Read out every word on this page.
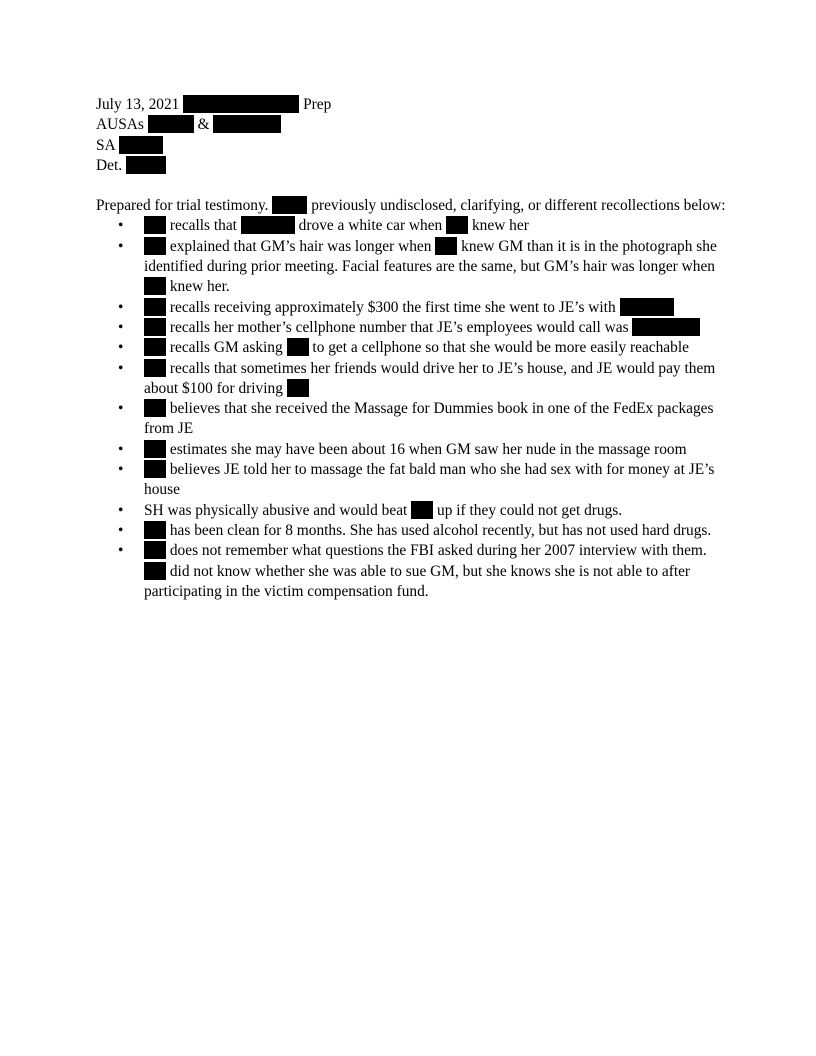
July 13, 2021	Prep
AUSAs	&
SA
Det.
Prepared for trial testimony.	previously undisclosed, clarifying, or different recollections below:
• recalls that	drove a white car when knew her
• explained that GM’s hair was longer when knew GM than it is in the photograph she identified during prior meeting. Facial features are the same, but GM’s hair was longer when  knew her.
• recalls receiving approximately $300 the first time she went to JE’s with
• recalls her mother’s cellphone number that JE’s employees would call was
• recalls GM asking to get a cellphone so that she would be more easily reachable
• recalls that sometimes her friends would drive her to JE’s house, and JE would pay them about $100 for driving
• believes that she received the Massage for Dummies book in one of the FedEx packages from JE
• estimates she may have been about 16 when GM saw her nude in the massage room
• believes JE told her to massage the fat bald man who she had sex with for money at JE’s house
• SH was physically abusive and would beat up if they could not get drugs.
• has been clean for 8 months. She has used alcohol recently, but has not used hard drugs.
• does not remember what questions the FBI asked during her 2007 interview with them.  did not know whether she was able to sue GM, but she knows she is not able to after participating in the victim compensation fund.
